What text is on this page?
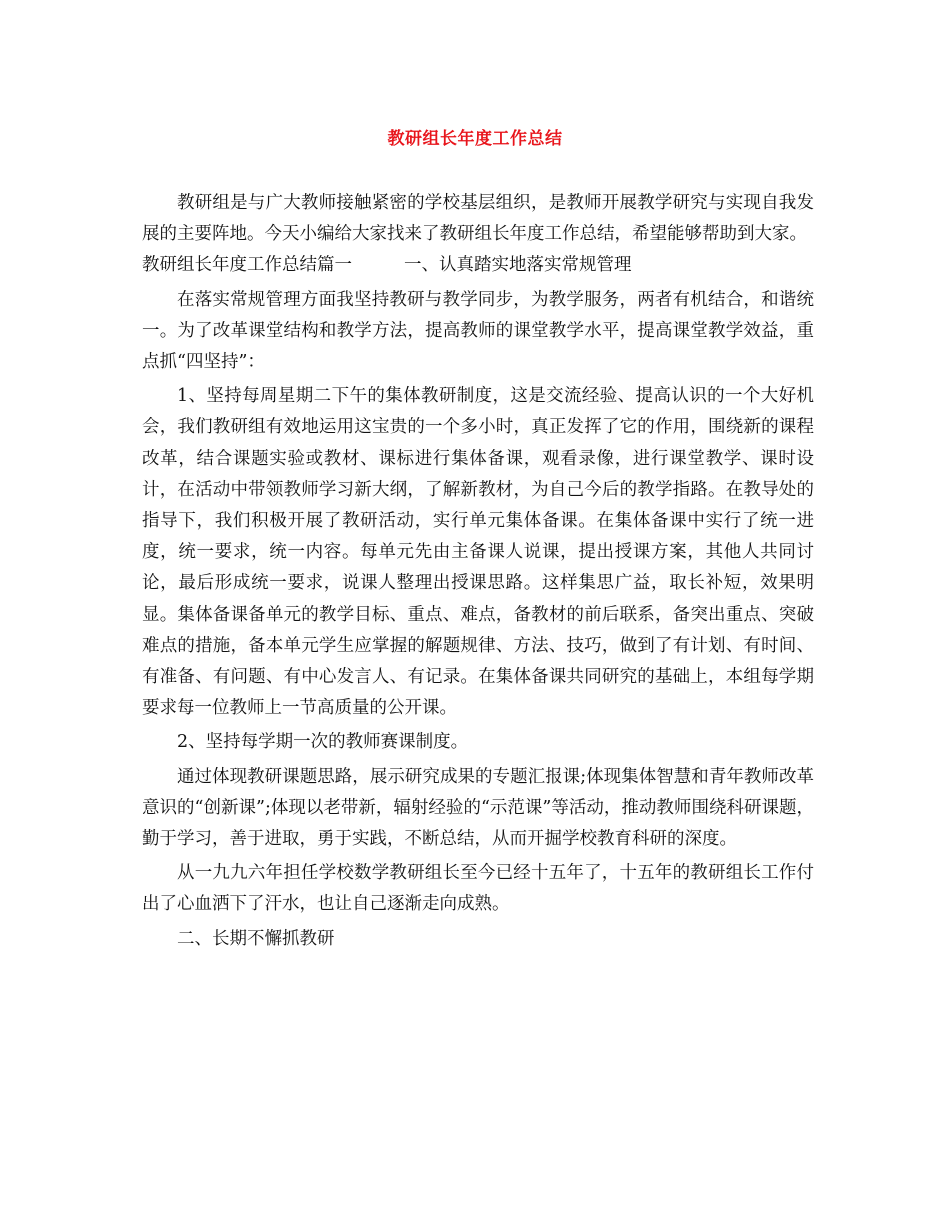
教研组长年度工作总结

教研组是与广大教师接触紧密的学校基层组织，是教师开展教学研究与实现自我发展的主要阵地。今天小编给大家找来了教研组长年度工作总结，希望能够帮助到大家。

教研组长年度工作总结篇一	一、认真踏实地落实常规管理

在落实常规管理方面我坚持教研与教学同步，为教学服务，两者有机结合，和谐统一。为了改革课堂结构和教学方法，提高教师的课堂教学水平，提高课堂教学效益，重点抓“四坚持”：

1、坚持每周星期二下午的集体教研制度，这是交流经验、提高认识的一个大好机会，我们教研组有效地运用这宝贵的一个多小时，真正发挥了它的作用，围绕新的课程改革，结合课题实验或教材、课标进行集体备课，观看录像，进行课堂教学、课时设计，在活动中带领教师学习新大纲，了解新教材，为自己今后的教学指路。在教导处的指导下，我们积极开展了教研活动，实行单元集体备课。在集体备课中实行了统一进度，统一要求，统一内容。每单元先由主备课人说课，提出授课方案，其他人共同讨论，最后形成统一要求，说课人整理出授课思路。这样集思广益，取长补短，效果明显。集体备课备单元的教学目标、重点、难点，备教材的前后联系，备突出重点、突破难点的措施，备本单元学生应掌握的解题规律、方法、技巧，做到了有计划、有时间、有准备、有问题、有中心发言人、有记录。在集体备课共同研究的基础上，本组每学期要求每一位教师上一节高质量的公开课。

2、坚持每学期一次的教师赛课制度。

通过体现教研课题思路，展示研究成果的专题汇报课;体现集体智慧和青年教师改革意识的“创新课”;体现以老带新，辐射经验的“示范课”等活动，推动教师围绕科研课题，勤于学习，善于进取，勇于实践，不断总结，从而开掘学校教育科研的深度。

从一九九六年担任学校数学教研组长至今已经十五年了，十五年的教研组长工作付出了心血洒下了汗水，也让自己逐渐走向成熟。

二、长期不懈抓教研
